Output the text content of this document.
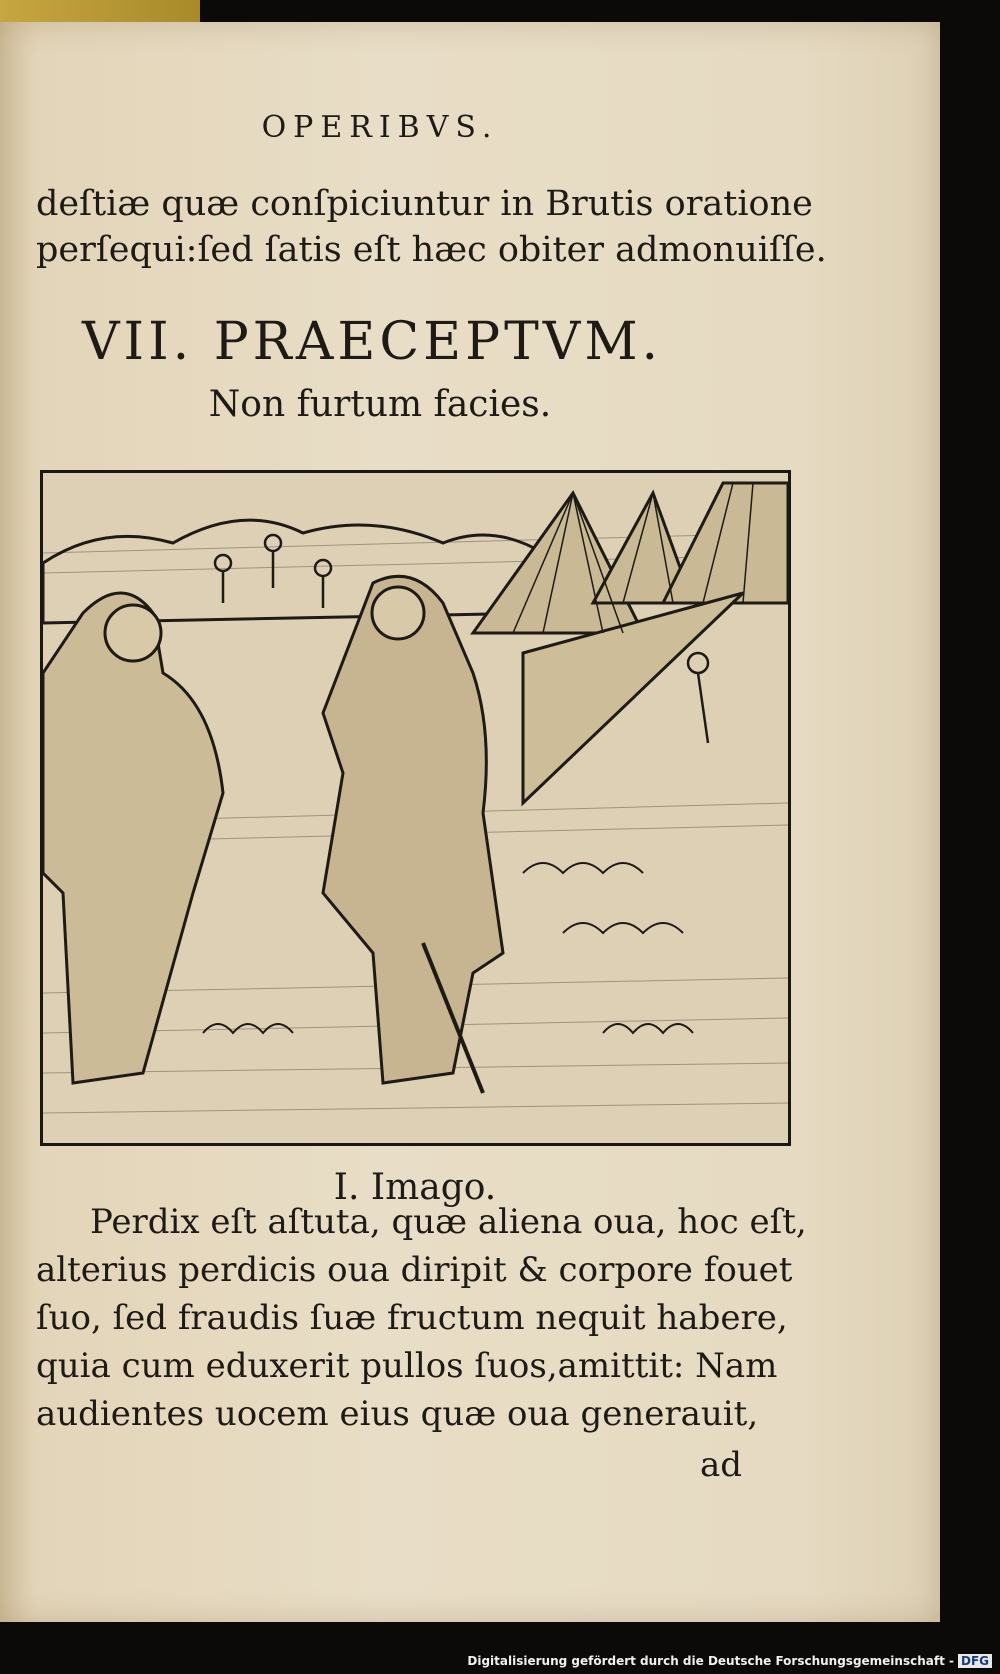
OPERIBVS.
deſtiæ quæ conſpiciuntur in Brutis oratione
perſequi:ſed ſatis eſt hæc obiter admonuiſſe.
VII. PRAECEPTVM.
Non furtum facies.
I. Imago.
Perdix eſt aſtuta, quæ aliena oua, hoc eſt,
alterius perdicis oua diripit & corpore fouet
ſuo, ſed fraudis ſuæ fructum nequit habere,
quia cum eduxerit pullos ſuos,amittit: Nam
audientes uocem eius quæ oua generauit,
ad
Digitalisierung gefördert durch die Deutsche Forschungsgemeinschaft - DFG
